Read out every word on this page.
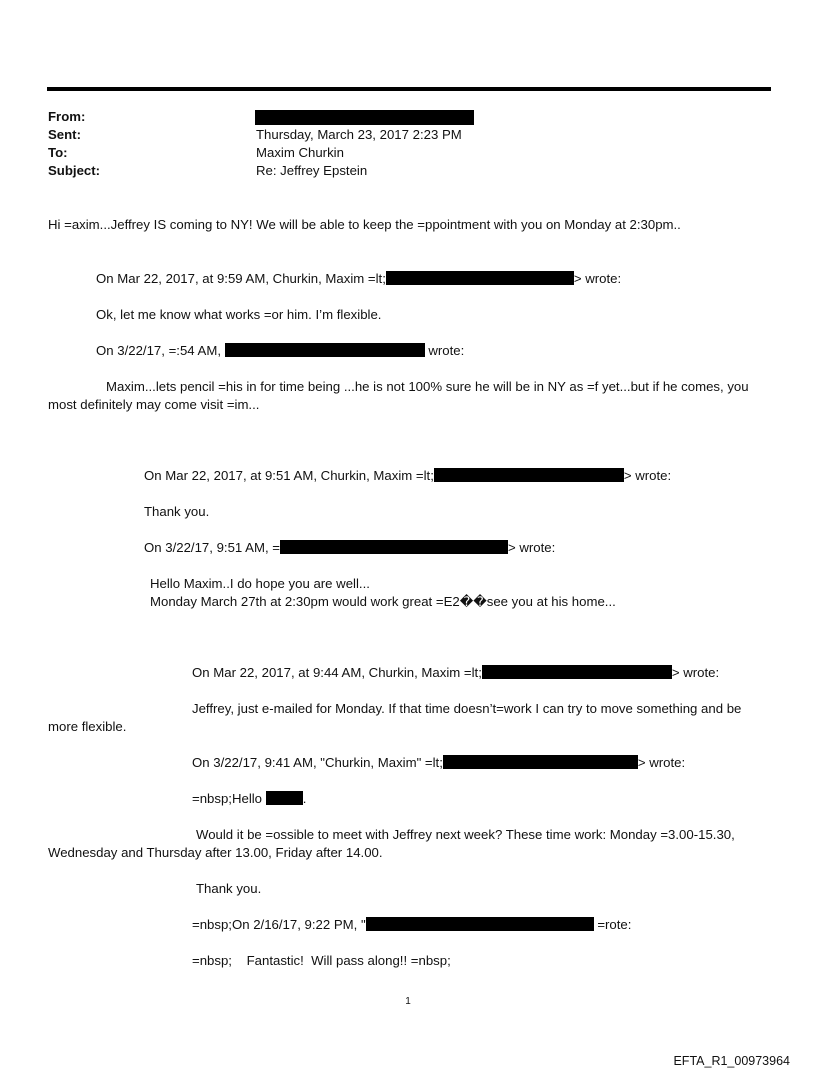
From:
Sent:	Thursday, March 23, 2017 2:23 PM
To:	Maxim Churkin
Subject:	Re: Jeffrey Epstein
Hi =axim...Jeffrey IS coming to NY! We will be able to keep the =ppointment with you on Monday at 2:30pm..
On Mar 22, 2017, at 9:59 AM, Churkin, Maxim =lt;	> wrote:
Ok, let me know what works =or him. I’m flexible.
On 3/22/17, =:54 AM,	wrote:
Maxim...lets pencil =his in for time being ...he is not 100% sure he will be in NY as =f yet...but if he comes, you
most definitely may come visit =im...
On Mar 22, 2017, at 9:51 AM, Churkin, Maxim =lt;	> wrote:
Thank you.
On 3/22/17, 9:51 AM, =	> wrote:
Hello Maxim..I do hope you are well...
Monday March 27th at 2:30pm would work great =E2��see you at his home...
On Mar 22, 2017, at 9:44 AM, Churkin, Maxim =lt;	> wrote:
Jeffrey, just e-mailed for Monday. If that time doesn’t=work I can try to move something and be
more flexible.
On 3/22/17, 9:41 AM, "Churkin, Maxim" =lt;	> wrote:
=nbsp;Hello	.
Would it be =ossible to meet with Jeffrey next week? These time work: Monday =3.00-15.30,
Wednesday and Thursday after 13.00, Friday after 14.00.
Thank you.
=nbsp;On 2/16/17, 9:22 PM, "	=rote:
=nbsp;    Fantastic!  Will pass along!! =nbsp;
1
EFTA_R1_00973964
